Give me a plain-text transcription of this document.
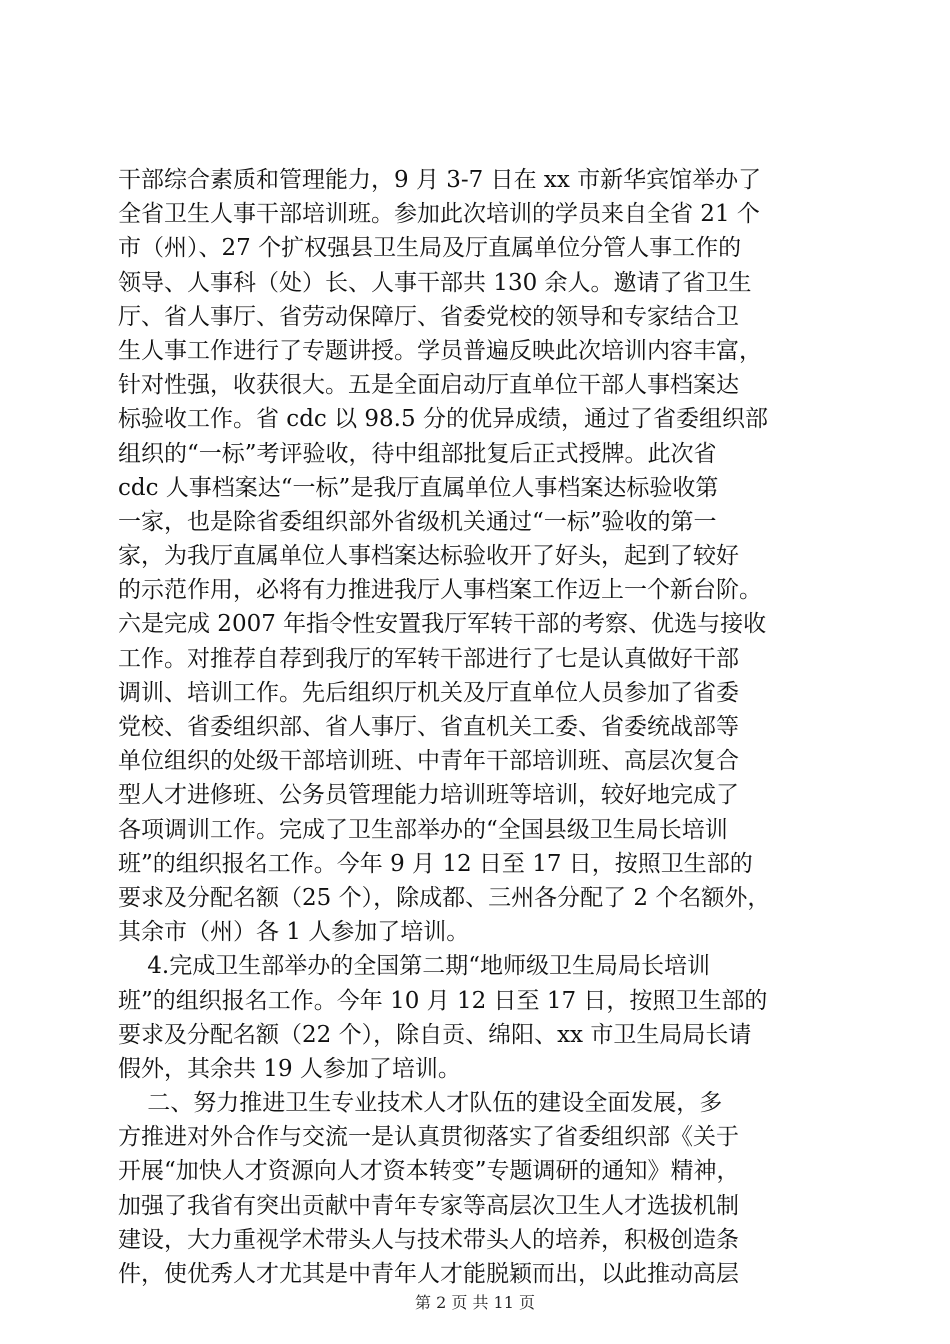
干部综合素质和管理能力，9 月 3-7 日在 xx 市新华宾馆举办了
全省卫生人事干部培训班。参加此次培训的学员来自全省 21 个
市（州）、27 个扩权强县卫生局及厅直属单位分管人事工作的
领导、人事科（处）长、人事干部共 130 余人。邀请了省卫生
厅、省人事厅、省劳动保障厅、省委党校的领导和专家结合卫
生人事工作进行了专题讲授。学员普遍反映此次培训内容丰富，
针对性强，收获很大。五是全面启动厅直单位干部人事档案达
标验收工作。省 cdc 以 98.5 分的优异成绩，通过了省委组织部
组织的“一标”考评验收，待中组部批复后正式授牌。此次省
cdc 人事档案达“一标”是我厅直属单位人事档案达标验收第
一家，也是除省委组织部外省级机关通过“一标”验收的第一
家，为我厅直属单位人事档案达标验收开了好头，起到了较好
的示范作用，必将有力推进我厅人事档案工作迈上一个新台阶。
六是完成 2007 年指令性安置我厅军转干部的考察、优选与接收
工作。对推荐自荐到我厅的军转干部进行了七是认真做好干部
调训、培训工作。先后组织厅机关及厅直单位人员参加了省委
党校、省委组织部、省人事厅、省直机关工委、省委统战部等
单位组织的处级干部培训班、中青年干部培训班、高层次复合
型人才进修班、公务员管理能力培训班等培训，较好地完成了
各项调训工作。完成了卫生部举办的“全国县级卫生局长培训
班”的组织报名工作。今年 9 月 12 日至 17 日，按照卫生部的
要求及分配名额（25 个），除成都、三州各分配了 2 个名额外，
其余市（州）各 1 人参加了培训。
4.完成卫生部举办的全国第二期“地师级卫生局局长培训
班”的组织报名工作。今年 10 月 12 日至 17 日，按照卫生部的
要求及分配名额（22 个），除自贡、绵阳、xx 市卫生局局长请
假外，其余共 19 人参加了培训。
二、努力推进卫生专业技术人才队伍的建设全面发展，多
方推进对外合作与交流一是认真贯彻落实了省委组织部《关于
开展“加快人才资源向人才资本转变”专题调研的通知》精神，
加强了我省有突出贡献中青年专家等高层次卫生人才选拔机制
建设，大力重视学术带头人与技术带头人的培养，积极创造条
件，使优秀人才尤其是中青年人才能脱颖而出，以此推动高层
第 2 页 共 11 页
